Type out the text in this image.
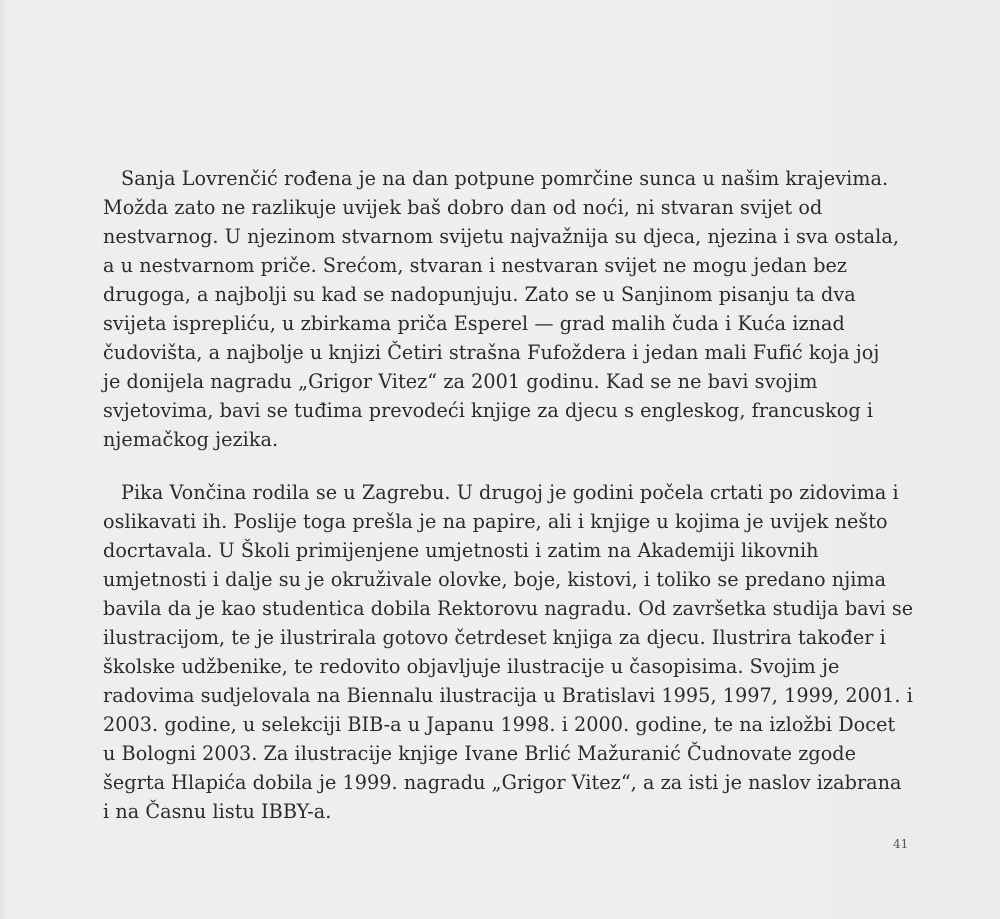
Sanja Lovrenčić rođena je na dan potpune pomrčine sunca u našim krajevima.
Možda zato ne razlikuje uvijek baš dobro dan od noći, ni stvaran svijet od
nestvarnog. U njezinom stvarnom svijetu najvažnija su djeca, njezina i sva ostala,
a u nestvarnom priče. Srećom, stvaran i nestvaran svijet ne mogu jedan bez
drugoga, a najbolji su kad se nadopunjuju. Zato se u Sanjinom pisanju ta dva
svijeta isprepliću, u zbirkama priča Esperel — grad malih čuda i Kuća iznad
čudovišta, a najbolje u knjizi Četiri strašna Fufoždera i jedan mali Fufić koja joj
je donijela nagradu „Grigor Vitez“ za 2001 godinu. Kad se ne bavi svojim
svjetovima, bavi se tuđima prevodeći knjige za djecu s engleskog, francuskog i
njemačkog jezika.

Pika Vončina rodila se u Zagrebu. U drugoj je godini počela crtati po zidovima i
oslikavati ih. Poslije toga prešla je na papire, ali i knjige u kojima je uvijek nešto
docrtavala. U Školi primijenjene umjetnosti i zatim na Akademiji likovnih
umjetnosti i dalje su je okruživale olovke, boje, kistovi, i toliko se predano njima
bavila da je kao studentica dobila Rektorovu nagradu. Od završetka studija bavi se
ilustracijom, te je ilustrirala gotovo četrdeset knjiga za djecu. Ilustrira također i
školske udžbenike, te redovito objavljuje ilustracije u časopisima. Svojim je
radovima sudjelovala na Biennalu ilustracija u Bratislavi 1995, 1997, 1999, 2001. i
2003. godine, u selekciji BIB-a u Japanu 1998. i 2000. godine, te na izložbi Docet
u Bologni 2003. Za ilustracije knjige Ivane Brlić Mažuranić Čudnovate zgode
šegrta Hlapića dobila je 1999. nagradu „Grigor Vitez“, a za isti je naslov izabrana
i na Časnu listu IBBY-a.

41
